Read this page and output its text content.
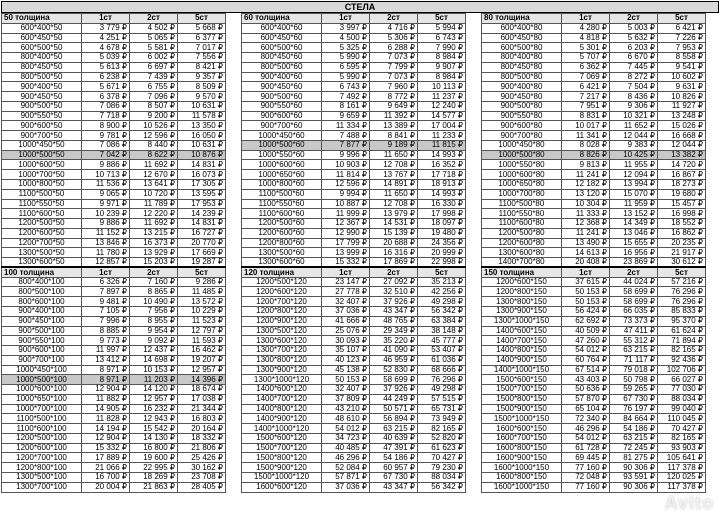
СТЕЛА
50 толщина	1ст	2ст	5ст
600*400*50	3 779 ₽	4 502 ₽	5 668 ₽
600*450*50	4 251 ₽	5 065 ₽	6 377 ₽
600*500*50	4 678 ₽	5 581 ₽	7 017 ₽
800*400*50	5 039 ₽	6 002 ₽	7 556 ₽
800*450*50	5 613 ₽	6 697 ₽	8 421 ₽
800*500*50	6 238 ₽	7 439 ₽	9 357 ₽
900*400*50	5 671 ₽	6 755 ₽	8 509 ₽
900*450*50	6 378 ₽	7 096 ₽	9 570 ₽
900*500*50	7 086 ₽	8 507 ₽	10 631 ₽
900*550*50	7 718 ₽	9 200 ₽	11 578 ₽
900*600*50	8 900 ₽	10 526 ₽	13 350 ₽
900*700*50	9 781 ₽	12 596 ₽	16 050 ₽
1000*450*50	7 086 ₽	8 440 ₽	10 631 ₽
1000*500*50	7 042 ₽	8 622 ₽	10 876 ₽
1000*600*50	9 886 ₽	11 692 ₽	14 831 ₽
1000*700*50	10 713 ₽	12 670 ₽	16 073 ₽
1000*800*50	11 536 ₽	13 641 ₽	17 305 ₽
1100*500*50	9 065 ₽	10 720 ₽	13 595 ₽
1100*550*50	9 971 ₽	11 789 ₽	17 953 ₽
1100*600*50	10 239 ₽	12 220 ₽	14 239 ₽
1200*500*50	9 886 ₽	11 692 ₽	14 831 ₽
1200*600*50	11 152 ₽	13 215 ₽	16 727 ₽
1200*700*50	13 846 ₽	16 373 ₽	20 770 ₽
1300*500*50	11 780 ₽	13 929 ₽	17 669 ₽
1300*600*50	12 857 ₽	15 203 ₽	19 287 ₽
100 толщина	1ст	2ст	5ст
800*400*100	6 326 ₽	7 160 ₽	9 286 ₽
800*500*100	7 897 ₽	8 865 ₽	11 485 ₽
800*600*100	9 481 ₽	10 490 ₽	13 572 ₽
900*400*100	7 105 ₽	7 956 ₽	10 229 ₽
900*450*100	7 996 ₽	8 955 ₽	11 523 ₽
900*500*100	8 885 ₽	9 954 ₽	12 797 ₽
900*550*100	9 773 ₽	9 092 ₽	11 593 ₽
900*600*100	11 997 ₽	12 437 ₽	16 462 ₽
900*700*100	13 412 ₽	14 698 ₽	19 207 ₽
1000*450*100	8 971 ₽	10 153 ₽	12 957 ₽
1000*500*100	8 971 ₽	11 203 ₽	14 396 ₽
1000*600*100	12 904 ₽	14 120 ₽	18 674 ₽
1000*650*100	11 882 ₽	12 957 ₽	17 038 ₽
1000*700*100	14 905 ₽	16 232 ₽	21 344 ₽
1100*500*100	11 828 ₽	12 943 ₽	16 803 ₽
1100*600*100	14 194 ₽	15 542 ₽	20 164 ₽
1200*500*100	12 904 ₽	14 130 ₽	18 332 ₽
1200*600*100	15 332 ₽	16 800 ₽	21 806 ₽
1200*700*100	17 889 ₽	19 600 ₽	25 426 ₽
1200*800*100	21 066 ₽	22 995 ₽	30 162 ₽
1300*500*100	16 700 ₽	18 269 ₽	23 708 ₽
1300*700*100	20 004 ₽	21 863 ₽	28 405 ₽
60 толщина	1ст	2ст	5ст
600*400*60	3 997 ₽	4 716 ₽	5 994 ₽
600*450*60	4 500 ₽	5 306 ₽	6 743 ₽
600*500*60	5 325 ₽	6 288 ₽	7 990 ₽
800*450*60	5 990 ₽	7 073 ₽	8 984 ₽
800*500*60	6 595 ₽	7 799 ₽	9 907 ₽
900*400*60	5 990 ₽	7 073 ₽	8 984 ₽
900*450*60	6 743 ₽	7 960 ₽	10 113 ₽
900*500*60	7 492 ₽	8 772 ₽	11 237 ₽
900*550*60	8 161 ₽	9 649 ₽	12 240 ₽
900*600*60	9 659 ₽	11 392 ₽	14 577 ₽
900*700*60	11 334 ₽	13 389 ₽	17 004 ₽
1000*450*60	7 488 ₽	8 841 ₽	11 233 ₽
1000*500*60	7 877 ₽	9 189 ₽	11 815 ₽
1000*550*60	9 996 ₽	11 650 ₽	14 993 ₽
1000*600*60	10 903 ₽	12 708 ₽	16 352 ₽
1000*650*60	11 814 ₽	13 767 ₽	17 718 ₽
1000*800*60	12 596 ₽	14 891 ₽	18 913 ₽
1100*500*60	9 994 ₽	11 650 ₽	14 993 ₽
1100*550*60	10 887 ₽	12 708 ₽	16 330 ₽
1100*600*60	11 999 ₽	13 979 ₽	17 998 ₽
1200*500*60	12 367 ₽	14 531 ₽	18 097 ₽
1200*600*60	12 990 ₽	15 139 ₽	19 480 ₽
1200*800*60	17 799 ₽	20 688 ₽	24 356 ₽
1300*500*60	13 999 ₽	16 316 ₽	20 999 ₽
1300*600*60	15 332 ₽	17 869 ₽	22 998 ₽
120 толщина	1ст	2ст	5ст
1200*500*120	23 147 ₽	27 092 ₽	35 213 ₽
1200*600*120	27 778 ₽	32 510 ₽	42 256 ₽
1200*700*120	32 407 ₽	37 926 ₽	49 298 ₽
1200*800*120	37 036 ₽	43 347 ₽	56 342 ₽
1200*900*120	41 666 ₽	48 765 ₽	63 384 ₽
1300*500*120	25 076 ₽	29 349 ₽	38 148 ₽
1300*600*120	30 093 ₽	35 220 ₽	45 777 ₽
1300*700*120	35 107 ₽	41 090 ₽	53 407 ₽
1300*800*120	40 123 ₽	46 959 ₽	61 036 ₽
1300*900*120	45 138 ₽	52 830 ₽	68 666 ₽
1300*1000*120	50 153 ₽	58 699 ₽	76 296 ₽
1400*600*120	32 407 ₽	37 926 ₽	49 298 ₽
1400*700*120	37 809 ₽	44 249 ₽	57 515 ₽
1400*800*120	43 210 ₽	50 571 ₽	65 731 ₽
1400*900*120	48 610 ₽	56 894 ₽	73 949 ₽
1400*1000*120	54 012 ₽	63 215 ₽	82 165 ₽
1500*600*120	34 723 ₽	40 639 ₽	52 820 ₽
1500*700*120	40 485 ₽	47 391 ₽	61 623 ₽
1500*800*120	46 296 ₽	54 186 ₽	70 427 ₽
1500*900*120	52 084 ₽	60 957 ₽	79 230 ₽
1500*1000*120	57 871 ₽	67 730 ₽	88 034 ₽
1600*600*120	37 036 ₽	43 347 ₽	56 342 ₽
80 толщина	1ст	2ст	5ст
600*400*80	4 280 ₽	5 003 ₽	6 421 ₽
600*450*80	4 818 ₽	5 632 ₽	7 226 ₽
600*500*80	5 301 ₽	6 203 ₽	7 953 ₽
800*400*80	5 707 ₽	6 670 ₽	8 558 ₽
800*450*80	6 362 ₽	7 445 ₽	9 541 ₽
800*500*80	7 069 ₽	8 272 ₽	10 602 ₽
900*400*80	6 421 ₽	7 504 ₽	9 631 ₽
900*450*80	7 217 ₽	8 436 ₽	10 826 ₽
900*500*80	7 951 ₽	9 306 ₽	11 927 ₽
900*550*80	8 831 ₽	10 321 ₽	13 248 ₽
900*600*80	10 017 ₽	11 652 ₽	15 026 ₽
900*700*80	11 341 ₽	12 044 ₽	16 668 ₽
1000*450*80	8 028 ₽	9 383 ₽	12 044 ₽
1000*500*80	8 826 ₽	10 425 ₽	13 382 ₽
1000*550*80	9 813 ₽	11 955 ₽	14 720 ₽
1000*600*80	11 241 ₽	12 094 ₽	16 867 ₽
1000*650*80	12 182 ₽	13 994 ₽	18 273 ₽
1000*700*80	13 120 ₽	15 070 ₽	19 680 ₽
1100*500*80	10 304 ₽	11 959 ₽	15 457 ₽
1100*550*80	11 333 ₽	13 152 ₽	16 998 ₽
1100*600*80	12 368 ₽	14 349 ₽	18 552 ₽
1200*500*80	11 241 ₽	13 046 ₽	16 862 ₽
1200*600*80	13 490 ₽	15 655 ₽	20 235 ₽
1300*600*80	14 613 ₽	16 956 ₽	21 917 ₽
1400*700*80	20 408 ₽	23 869 ₽	30 612 ₽
150 толщина	1ст	2ст	5ст
1200*600*150	37 615 ₽	44 024 ₽	57 216 ₽
1200*800*150	50 153 ₽	58 699 ₽	76 296 ₽
1300*800*150	50 153 ₽	58 699 ₽	76 296 ₽
1300*900*150	56 424 ₽	66 035 ₽	85 833 ₽
1300*1000*150	62 692 ₽	73 373 ₽	95 370 ₽
1400*600*150	40 509 ₽	47 411 ₽	61 624 ₽
1400*700*150	47 260 ₽	55 312 ₽	71 894 ₽
1400*800*150	54 012 ₽	63 215 ₽	82 165 ₽
1400*900*150	60 764 ₽	71 117 ₽	92 436 ₽
1400*1000*150	67 514 ₽	79 018 ₽	102 706 ₽
1500*600*150	43 403 ₽	50 798 ₽	66 027 ₽
1500*700*150	50 636 ₽	59 265 ₽	77 030 ₽
1500*800*150	57 870 ₽	67 730 ₽	88 034 ₽
1500*900*150	65 104 ₽	76 197 ₽	99 040 ₽
1500*1000*150	72 340 ₽	84 664 ₽	110 045 ₽
1600*600*150	46 296 ₽	54 186 ₽	70 427 ₽
1600*700*150	54 012 ₽	63 215 ₽	82 165 ₽
1600*800*150	61 728 ₽	72 245 ₽	93 903 ₽
1600*900*150	69 445 ₽	81 275 ₽	105 641 ₽
1600*1000*150	77 160 ₽	90 306 ₽	117 378 ₽
1600*800*150	72 048 ₽	93 591 ₽	120 025 ₽
1600*1000*150	77 160 ₽	90 306 ₽	117 378 ₽
Avito
